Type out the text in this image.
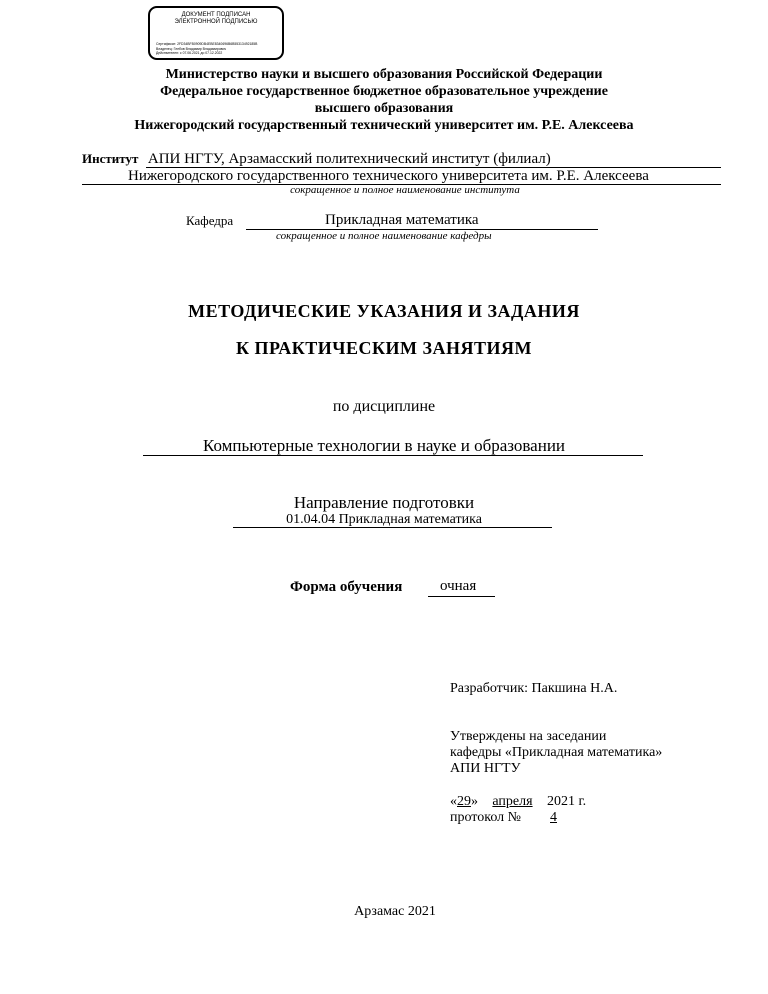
ДОКУМЕНТ ПОДПИСАН
ЭЛЕКТРОННОЙ ПОДПИСЬЮ
Сертификат: 2FD34BFB0909DB4EBE8340696B6B55313492185B
Владелец: Глебов Владимир Владимирович
Действителен: с 07.06.2021 до 07.12.2022
Министерство науки и высшего образования Российской Федерации
Федеральное государственное бюджетное образовательное учреждение
высшего образования
Нижегородский государственный технический университет им. Р.Е. Алексеева
Институт АПИ НГТУ, Арзамасский политехнический институт (филиал)
Нижегородского государственного технического университета им. Р.Е. Алексеева
сокращенное и полное наименование института
Кафедра	Прикладная математика
сокращенное и полное наименование кафедры
МЕТОДИЧЕСКИЕ УКАЗАНИЯ И ЗАДАНИЯ
К ПРАКТИЧЕСКИМ ЗАНЯТИЯМ
по дисциплине
Компьютерные технологии в науке и образовании
Направление подготовки
01.04.04 Прикладная математика
Форма обучения	очная
Разработчик: Пакшина Н.А.
Утверждены на заседании
кафедры «Прикладная математика»
АПИ НГТУ
«29» апреля 2021 г.
протокол № 4
Арзамас 2021
